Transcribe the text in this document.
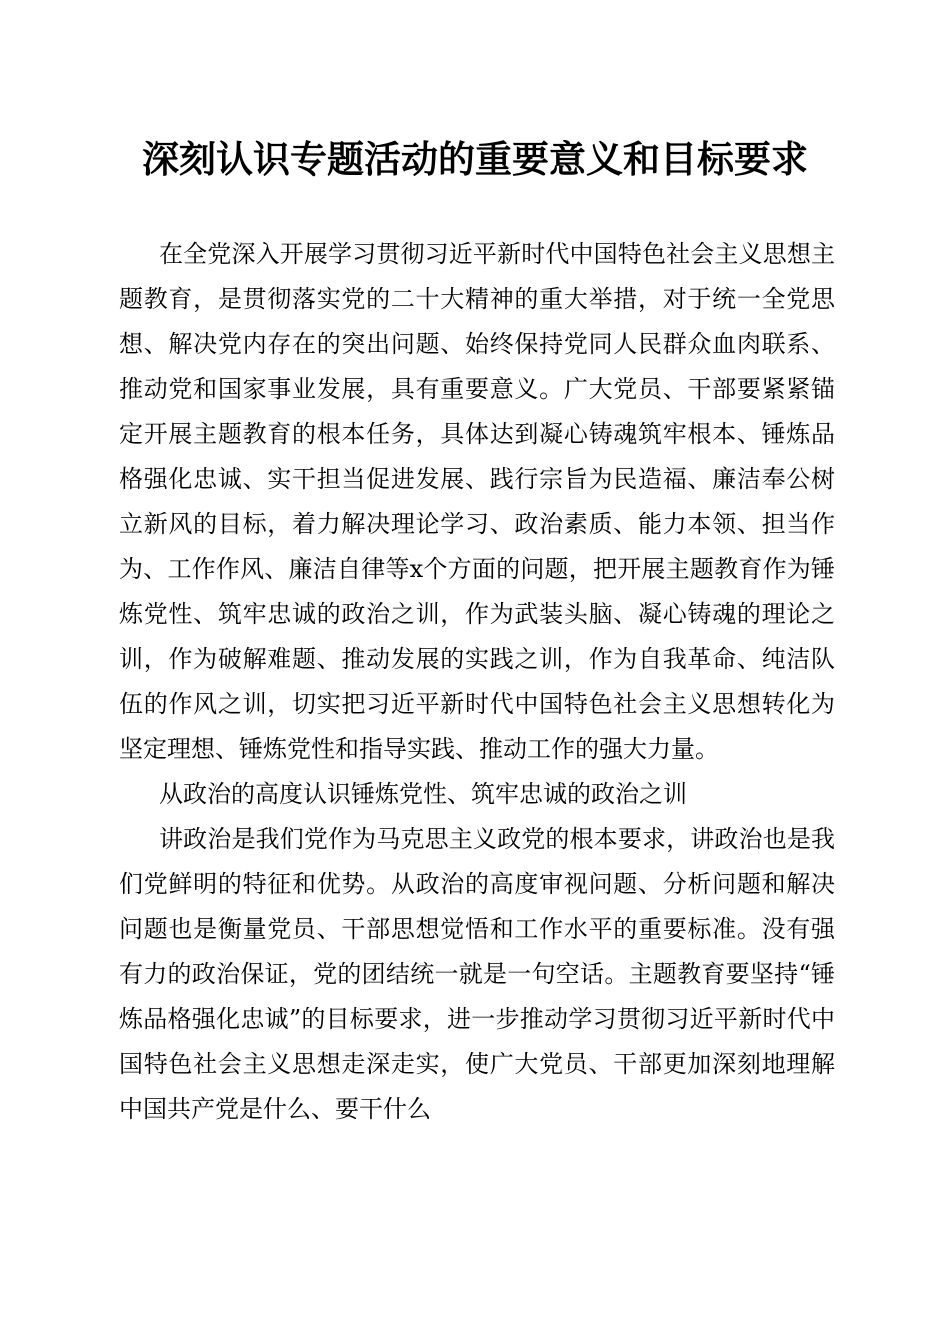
深刻认识专题活动的重要意义和目标要求

在全党深入开展学习贯彻习近平新时代中国特色社会主义思想主题教育，是贯彻落实党的二十大精神的重大举措，对于统一全党思想、解决党内存在的突出问题、始终保持党同人民群众血肉联系、推动党和国家事业发展，具有重要意义。广大党员、干部要紧紧锚定开展主题教育的根本任务，具体达到凝心铸魂筑牢根本、锤炼品格强化忠诚、实干担当促进发展、践行宗旨为民造福、廉洁奉公树立新风的目标，着力解决理论学习、政治素质、能力本领、担当作为、工作作风、廉洁自律等x个方面的问题，把开展主题教育作为锤炼党性、筑牢忠诚的政治之训，作为武装头脑、凝心铸魂的理论之训，作为破解难题、推动发展的实践之训，作为自我革命、纯洁队伍的作风之训，切实把习近平新时代中国特色社会主义思想转化为坚定理想、锤炼党性和指导实践、推动工作的强大力量。

从政治的高度认识锤炼党性、筑牢忠诚的政治之训

讲政治是我们党作为马克思主义政党的根本要求，讲政治也是我们党鲜明的特征和优势。从政治的高度审视问题、分析问题和解决问题也是衡量党员、干部思想觉悟和工作水平的重要标准。没有强有力的政治保证，党的团结统一就是一句空话。主题教育要坚持“锤炼品格强化忠诚”的目标要求，进一步推动学习贯彻习近平新时代中国特色社会主义思想走深走实，使广大党员、干部更加深刻地理解中国共产党是什么、要干什么
